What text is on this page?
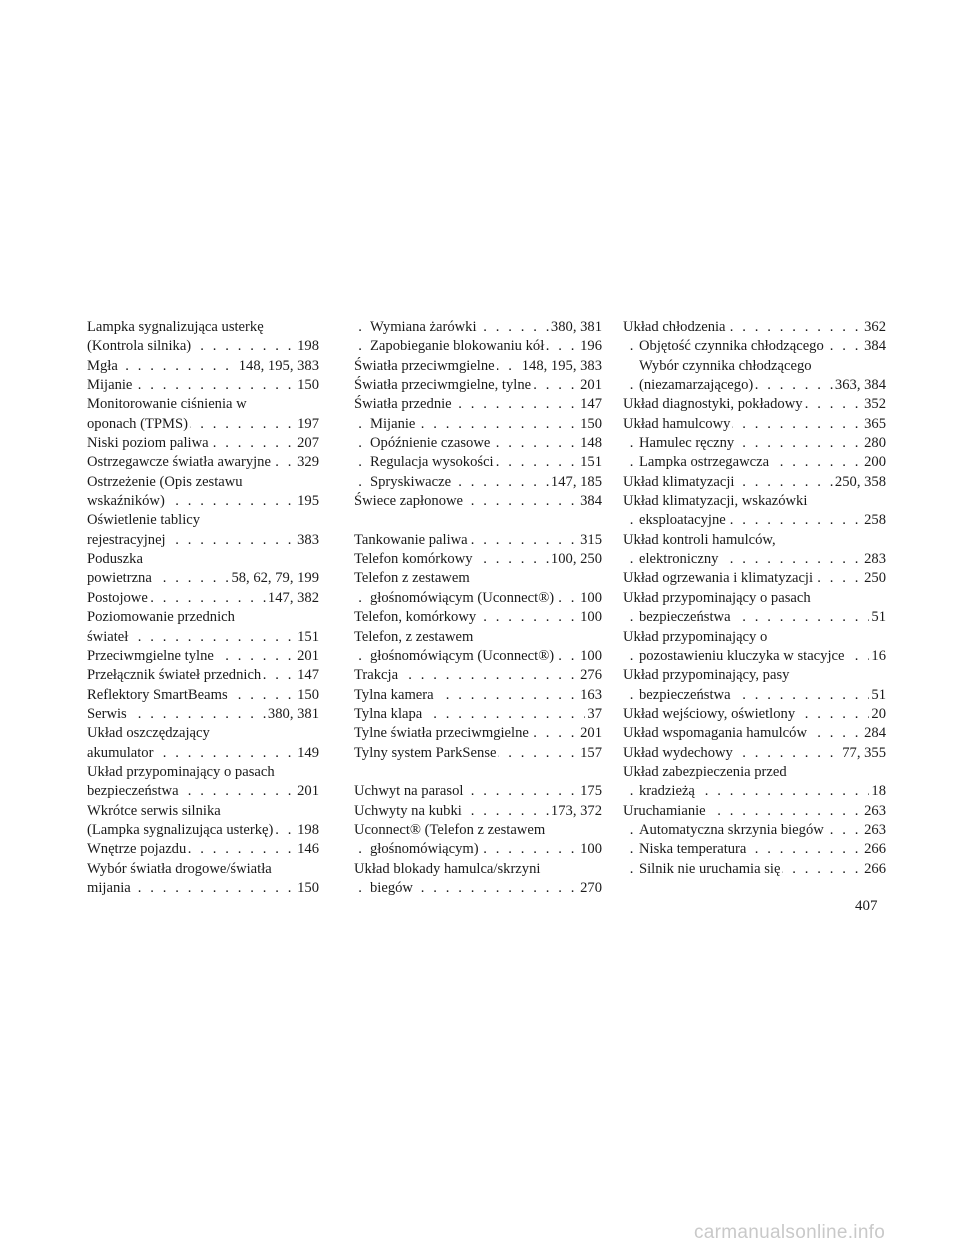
Lampka sygnalizująca usterkę
. . . (Kontrola silnika)	198
. . . Mgła	148, 195, 383
. . . Mijanie	150
Monitorowanie ciśnienia w
. . . oponach (TPMS)	197
. . . Niski poziom paliwa	207
. . . Ostrzegawcze światła awaryjne 329
Ostrzeżenie (Opis zestawu
. . . wskaźników)	195
Oświetlenie tablicy
. . . rejestracyjnej	383
Poduszka
. . . powietrzna	58, 62, 79, 199
. . . Postojowe	147, 382
Poziomowanie przednich
. . . świateł	151
. . . Przeciwmgielne tylne	201
. . . Przełącznik świateł przednich 147
. . . Reflektory SmartBeams	150
. . . Serwis	380, 381
Układ oszczędzający
. . . akumulator	149
Układ przypominający o pasach
. . . bezpieczeństwa	201
Wkrótce serwis silnika
. . . (Lampka sygnalizująca usterkę) 198
. . . Wnętrze pojazdu	146
Wybór światła drogowe/światła
. . . mijania	150
. . . Wymiana żarówki	380, 381
. . . Zapobieganie blokowaniu kół 196
. . . Światła przeciwmgielne 148, 195, 383
. . . Światła przeciwmgielne, tylne	201
. . . Światła przednie	147
. . . Mijanie	150
. . . Opóźnienie czasowe	148
. . . Regulacja wysokości	151
. . . Spryskiwacze	147, 185
. . . Świece zapłonowe	384
. . . Tankowanie paliwa	315
. . . Telefon komórkowy	100, 250
Telefon z zestawem
. . . głośnomówiącym (Uconnect®) 100
. . . Telefon, komórkowy	100
Telefon, z zestawem
. . . głośnomówiącym (Uconnect®) 100
. . . Trakcja	276
. . . Tylna kamera	163
. . . Tylna klapa	37
. . . Tylne światła przeciwmgielne	201
. . . Tylny system ParkSense	157
. . . Uchwyt na parasol	175
. . . Uchwyty na kubki	173, 372
Uconnect® (Telefon z zestawem
. . . głośnomówiącym)	100
Układ blokady hamulca/skrzyni
. . . biegów	270
. . . Układ chłodzenia	362
. . . Objętość czynnika chłodzącego	384
Wybór czynnika chłodzącego
. . . (niezamarzającego)	363, 384
. . . Układ diagnostyki, pokładowy	352
. . . Układ hamulcowy	365
. . . Hamulec ręczny	280
. . . Lampka ostrzegawcza	200
. . . Układ klimatyzacji	250, 358
Układ klimatyzacji, wskazówki
. . . eksploatacyjne	258
Układ kontroli hamulców,
. . . elektroniczny	283
. . . Układ ogrzewania i klimatyzacji	250
Układ przypominający o pasach
. . . bezpieczeństwa	51
Układ przypominający o
. . . pozostawieniu kluczyka w stacyjce 16
Układ przypominający, pasy
. . . bezpieczeństwa	51
. . . Układ wejściowy, oświetlony	20
. . . Układ wspomagania hamulców	284
. . . Układ wydechowy	77, 355
Układ zabezpieczenia przed
. . . kradzieżą	18
. . . Uruchamianie	263
. . . Automatyczna skrzynia biegów	263
. . . Niska temperatura	266
. . . Silnik nie uruchamia się	266
407
carmanualsonline.info
